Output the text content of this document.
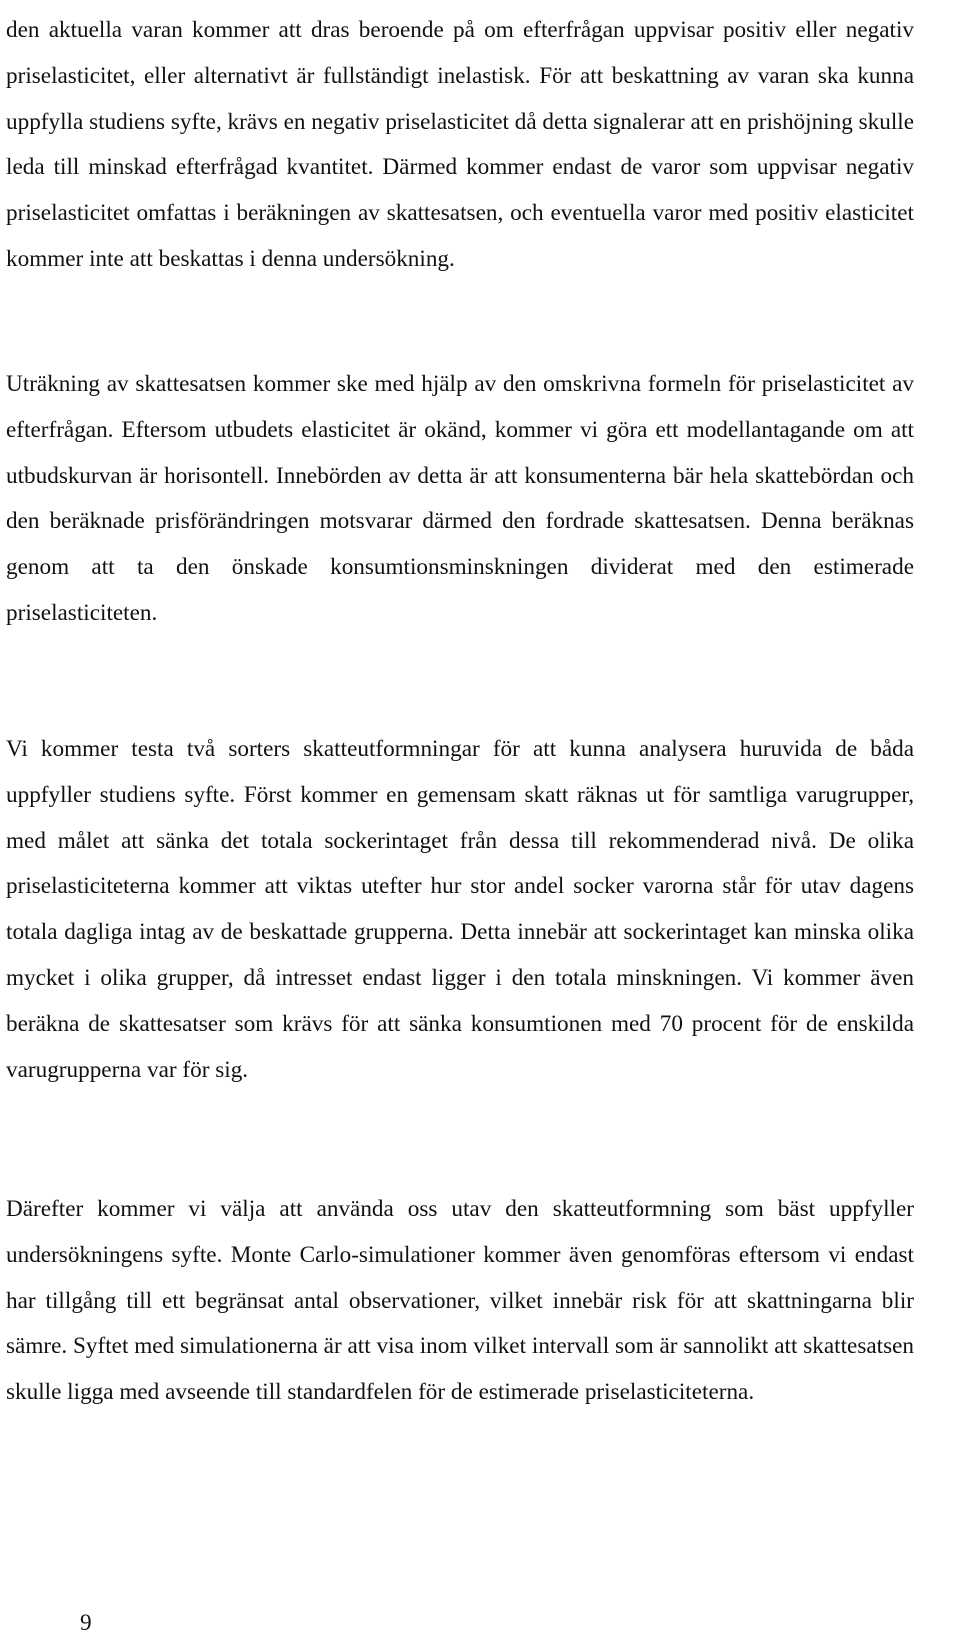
den aktuella varan kommer att dras beroende på om efterfrågan uppvisar positiv eller negativ priselasticitet, eller alternativt är fullständigt inelastisk. För att beskattning av varan ska kunna uppfylla studiens syfte, krävs en negativ priselasticitet då detta signalerar att en prishöjning skulle leda till minskad efterfrågad kvantitet. Därmed kommer endast de varor som uppvisar negativ priselasticitet omfattas i beräkningen av skattesatsen, och eventuella varor med positiv elasticitet kommer inte att beskattas i denna undersökning.

Uträkning av skattesatsen kommer ske med hjälp av den omskrivna formeln för priselasticitet av efterfrågan. Eftersom utbudets elasticitet är okänd, kommer vi göra ett modellantagande om att utbudskurvan är horisontell. Innebörden av detta är att konsumenterna bär hela skattebördan och den beräknade prisförändringen motsvarar därmed den fordrade skattesatsen. Denna beräknas genom att ta den önskade konsumtionsminskningen dividerat med den estimerade priselasticiteten.

Vi kommer testa två sorters skatteutformningar för att kunna analysera huruvida de båda uppfyller studiens syfte. Först kommer en gemensam skatt räknas ut för samtliga varugrupper, med målet att sänka det totala sockerintaget från dessa till rekommenderad nivå. De olika priselasticiteterna kommer att viktas utefter hur stor andel socker varorna står för utav dagens totala dagliga intag av de beskattade grupperna. Detta innebär att sockerintaget kan minska olika mycket i olika grupper, då intresset endast ligger i den totala minskningen. Vi kommer även beräkna de skattesatser som krävs för att sänka konsumtionen med 70 procent för de enskilda varugrupperna var för sig.

Därefter kommer vi välja att använda oss utav den skatteutformning som bäst uppfyller undersökningens syfte. Monte Carlo-simulationer kommer även genomföras eftersom vi endast har tillgång till ett begränsat antal observationer, vilket innebär risk för att skattningarna blir sämre. Syftet med simulationerna är att visa inom vilket intervall som är sannolikt att skattesatsen skulle ligga med avseende till standardfelen för de estimerade priselasticiteterna.

9
